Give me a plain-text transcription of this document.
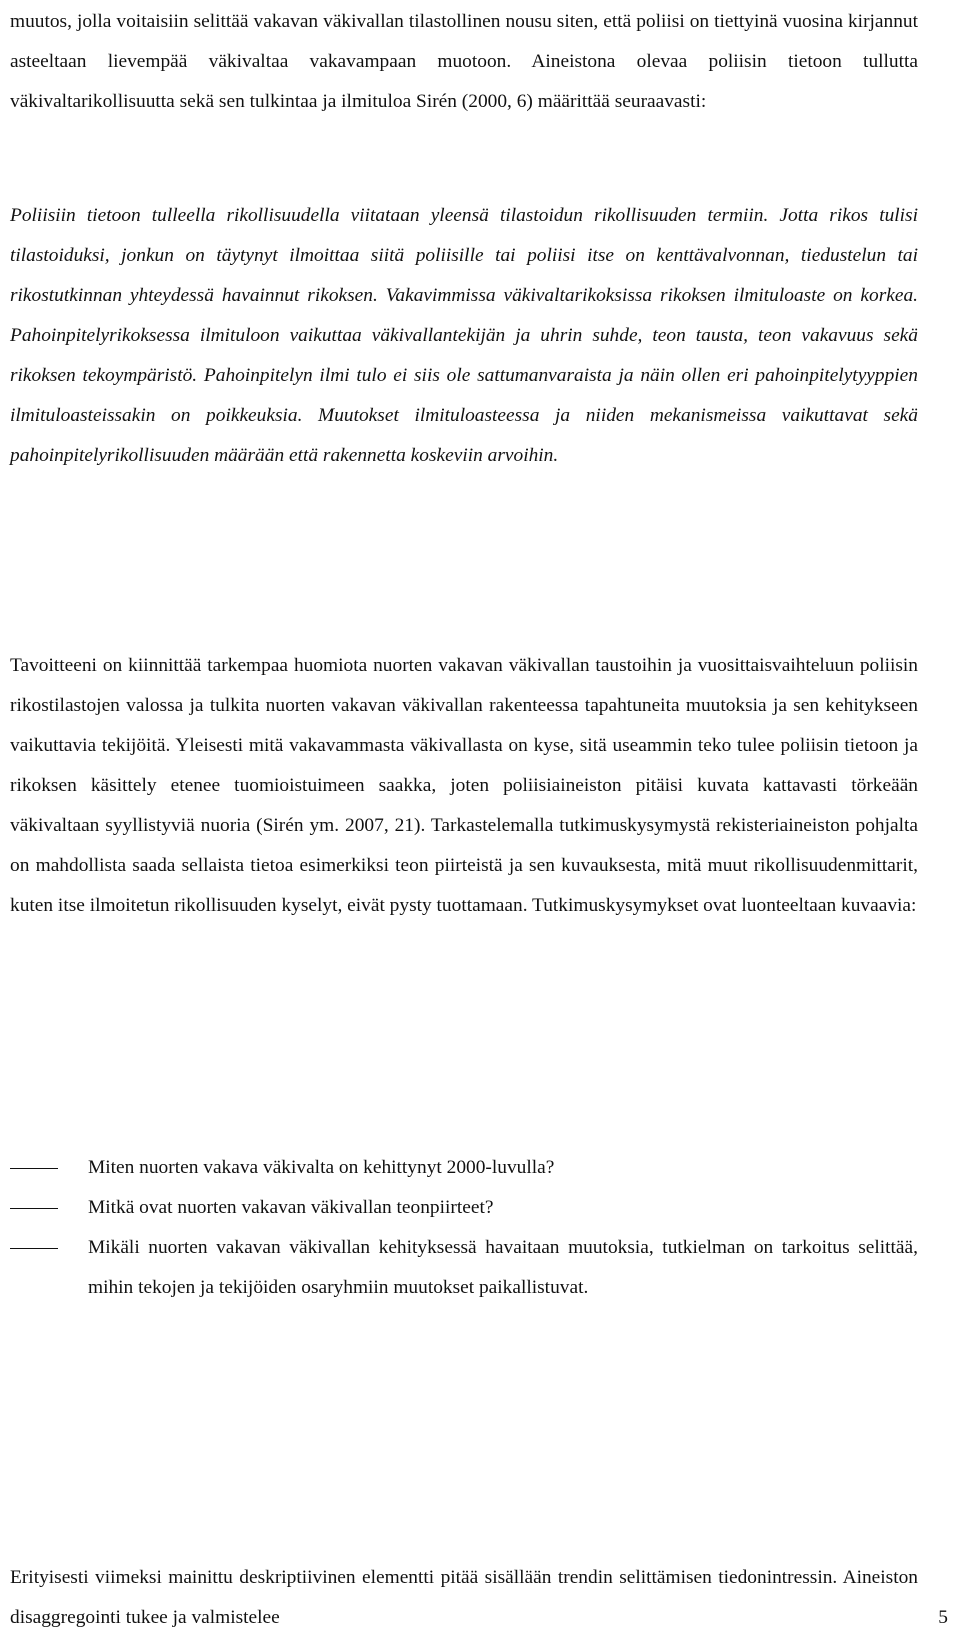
muutos, jolla voitaisiin selittää vakavan väkivallan tilastollinen nousu siten, että poliisi on tiettyinä vuosina kirjannut asteeltaan lievempää väkivaltaa vakavampaan muotoon. Aineistona olevaa poliisin tietoon tullutta väkivaltarikollisuutta sekä sen tulkintaa ja ilmituloa Sirén (2000, 6) määrittää seuraavasti:

Poliisiin tietoon tulleella rikollisuudella viitataan yleensä tilastoidun rikollisuuden termiin. Jotta rikos tulisi tilastoiduksi, jonkun on täytynyt ilmoittaa siitä poliisille tai poliisi itse on kenttävalvonnan, tiedustelun tai rikostutkinnan yhteydessä havainnut rikoksen. Vakavimmissa väkivaltarikoksissa rikoksen ilmituloaste on korkea. Pahoinpitelyrikoksessa ilmituloon vaikuttaa väkivallantekijän ja uhrin suhde, teon tausta, teon vakavuus sekä rikoksen tekoympäristö. Pahoinpitelyn ilmi tulo ei siis ole sattumanvaraista ja näin ollen eri pahoinpitelytyyppien ilmituloasteissakin on poikkeuksia. Muutokset ilmituloasteessa ja niiden mekanismeissa vaikuttavat sekä pahoinpitelyrikollisuuden määrään että rakennetta koskeviin arvoihin.

Tavoitteeni on kiinnittää tarkempaa huomiota nuorten vakavan väkivallan taustoihin ja vuosittaisvaihteluun poliisin rikostilastojen valossa ja tulkita nuorten vakavan väkivallan rakenteessa tapahtuneita muutoksia ja sen kehitykseen vaikuttavia tekijöitä. Yleisesti mitä vakavammasta väkivallasta on kyse, sitä useammin teko tulee poliisin tietoon ja rikoksen käsittely etenee tuomioistuimeen saakka, joten poliisiaineiston pitäisi kuvata kattavasti törkeään väkivaltaan syyllistyviä nuoria (Sirén ym. 2007, 21). Tarkastelemalla tutkimuskysymystä rekisteriaineiston pohjalta on mahdollista saada sellaista tietoa esimerkiksi teon piirteistä ja sen kuvauksesta, mitä muut rikollisuudenmittarit, kuten itse ilmoitetun rikollisuuden kyselyt, eivät pysty tuottamaan. Tutkimuskysymykset ovat luonteeltaan kuvaavia:

Miten nuorten vakava väkivalta on kehittynyt 2000-luvulla?
Mitkä ovat nuorten vakavan väkivallan teonpiirteet?
Mikäli nuorten vakavan väkivallan kehityksessä havaitaan muutoksia, tutkielman on tarkoitus selittää, mihin tekojen ja tekijöiden osaryhmiin muutokset paikallistuvat.

Erityisesti viimeksi mainittu deskriptiivinen elementti pitää sisällään trendin selittämisen tiedonintressin. Aineiston disaggregointi tukee ja valmistelee	5
